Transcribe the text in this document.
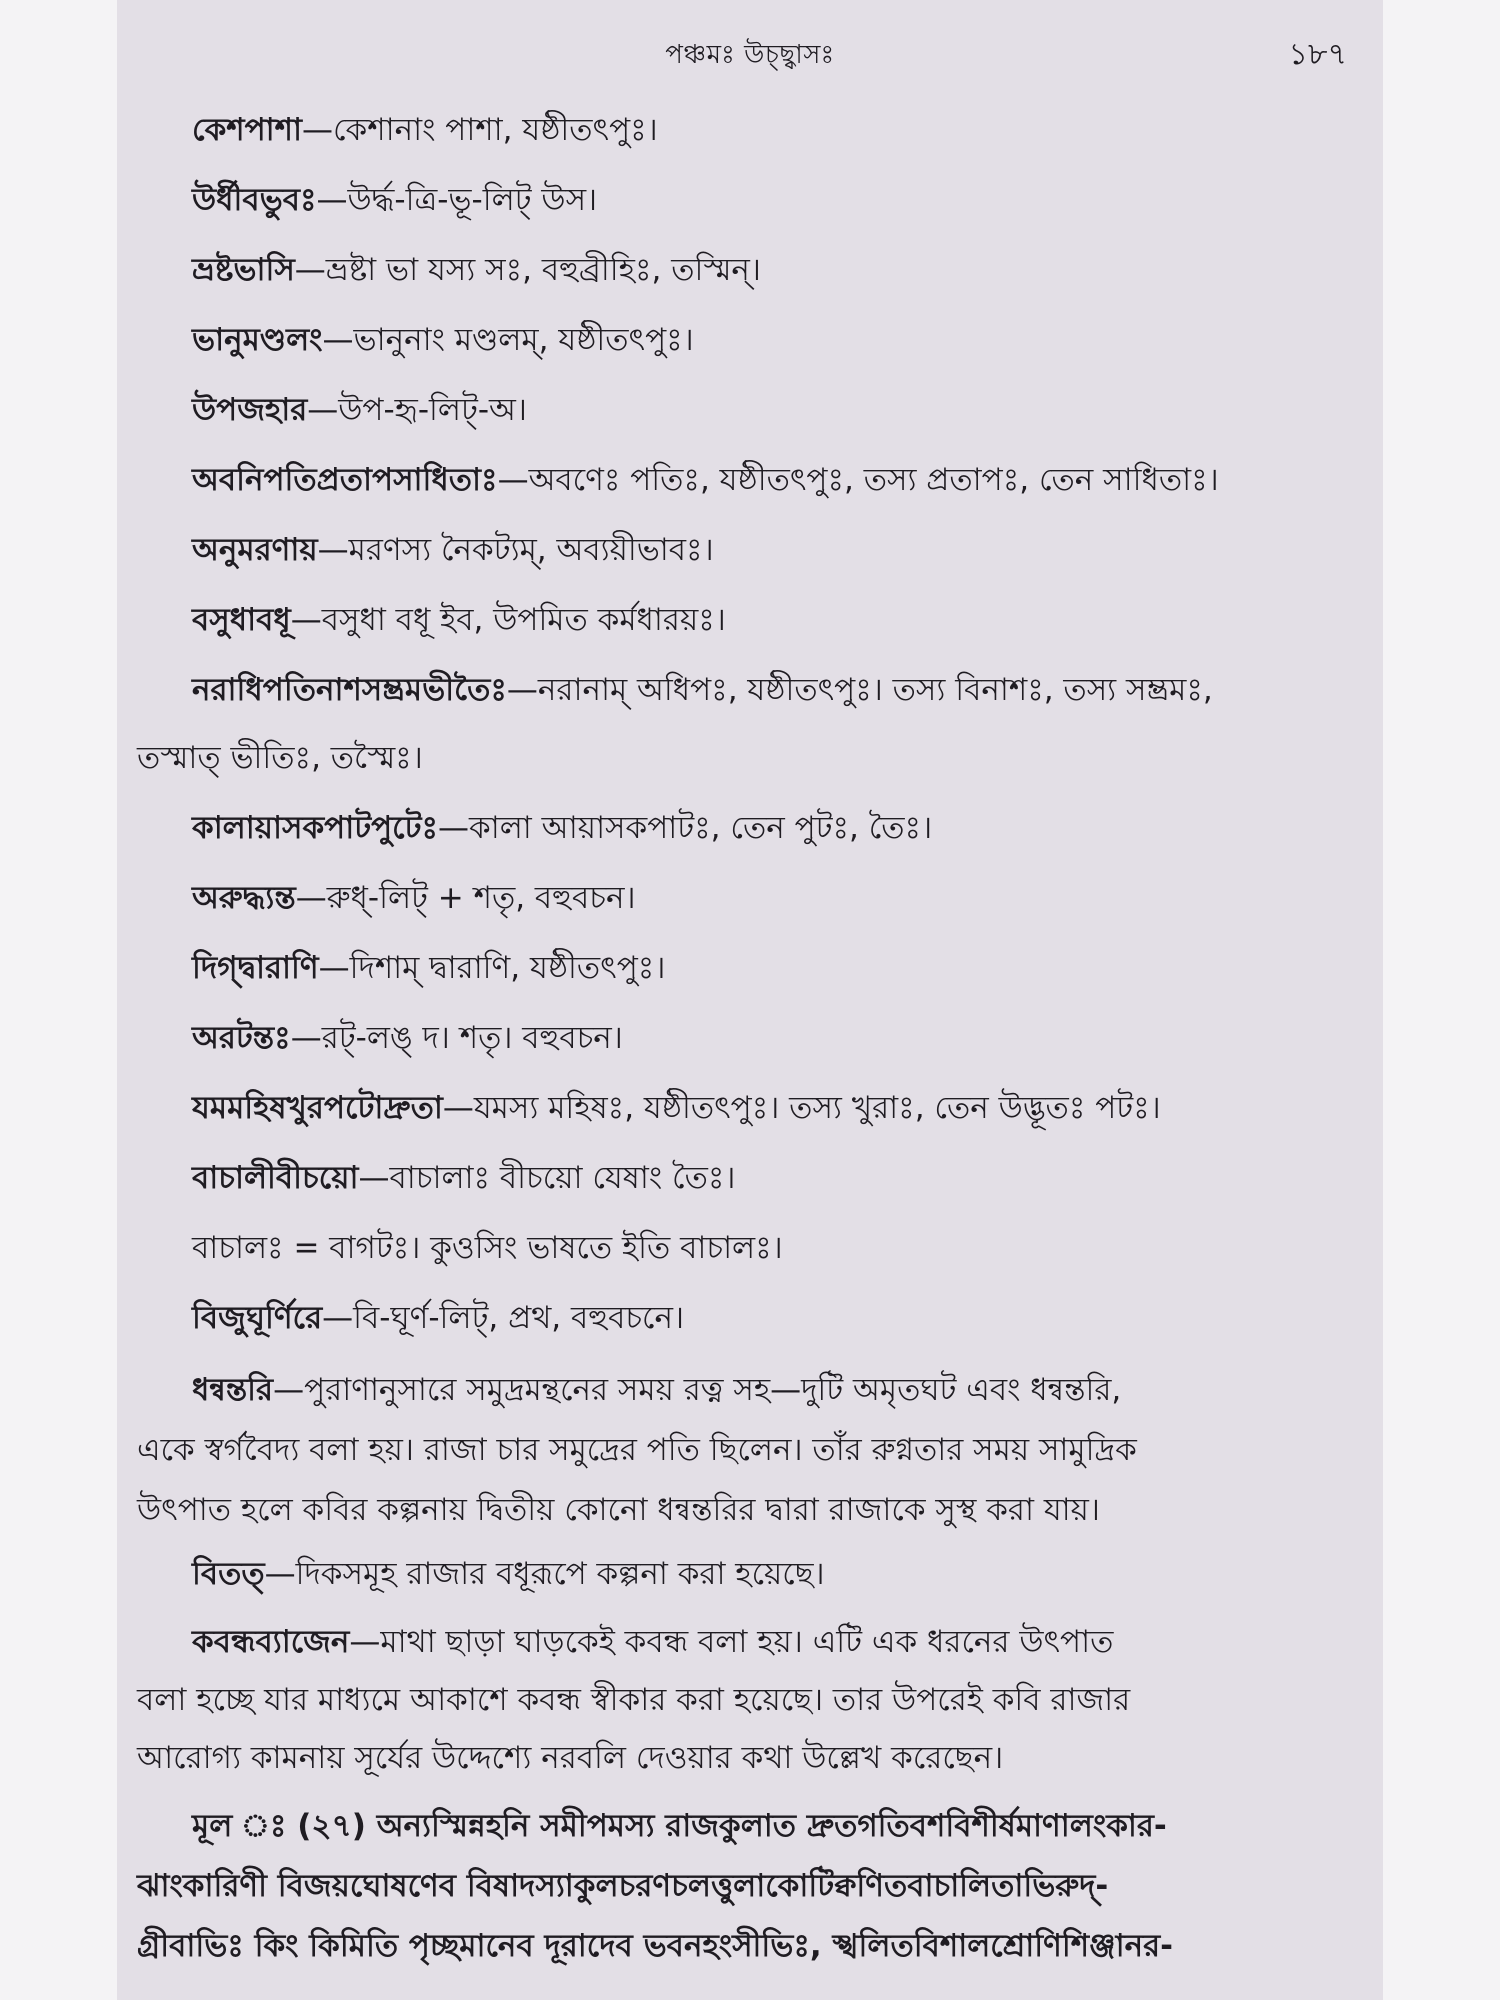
পঞ্চমঃ উচ্ছ্বাসঃ	১৮৭
কেশপাশা—কেশানাং পাশা, যষ্ঠীতৎপুঃ।
উর্ধীবভুবঃ—উৰ্দ্ধ-ত্রি-ভূ-লিট্ উস।
ভ্রষ্টভাসি—ভ্রষ্টা ভা যস্য সঃ, বহুব্রীহিঃ, তস্মিন্।
ভানুমণ্ডলং—ভানুনাং মণ্ডলম্, যষ্ঠীতৎপুঃ।
উপজহার—উপ-হৃ-লিট্-অ।
অবনিপতিপ্রতাপসাধিতাঃ—অবণেঃ পতিঃ, যষ্ঠীতৎপুঃ, তস্য প্রতাপঃ, তেন সাধিতাঃ।
অনুমরণায়—মরণস্য নৈকট্যম্, অব্যয়ীভাবঃ।
বসুধাবধূ—বসুধা বধূ ইব, উপমিত কর্মধারয়ঃ।
নরাধিপতিনাশসম্ভ্রমভীতৈঃ—নরানাম্ অধিপঃ, যষ্ঠীতৎপুঃ। তস্য বিনাশঃ, তস্য সম্ভ্রমঃ,
তস্মাত্ ভীতিঃ, তস্মৈঃ।
কালায়াসকপাটপুটেঃ—কালা আয়াসকপাটঃ, তেন পুটঃ, তৈঃ।
অরুদ্ধ্যন্ত—রুধ্-লিট্ + শতৃ, বহুবচন।
দিগ্দ্বারাণি—দিশাম্ দ্বারাণি, যষ্ঠীতৎপুঃ।
অরটন্তঃ—রট্-লঙ্ দ। শতৃ। বহুবচন।
যমমহিষখুরপটোদ্রুতা—যমস্য মহিষঃ, যষ্ঠীতৎপুঃ। তস্য খুরাঃ, তেন উদ্ভূতঃ পটঃ।
বাচালীবীচয়ো—বাচালাঃ বীচয়ো যেষাং তৈঃ।
বাচালঃ = বাগটঃ। কুওসিং ভাষতে ইতি বাচালঃ।
বিজুঘূর্ণিরে—বি-ঘূর্ণ-লিট্, প্রথ, বহুবচনে।
ধন্বন্তরি—পুরাণানুসারে সমুদ্রমন্থনের সময় রত্ন সহ—দুটি অমৃতঘট এবং ধন্বন্তরি,
একে স্বর্গবৈদ্য বলা হয়। রাজা চার সমুদ্রের পতি ছিলেন। তাঁর রুগ্নতার সময় সামুদ্রিক
উৎপাত হলে কবির কল্পনায় দ্বিতীয় কোনো ধন্বন্তরির দ্বারা রাজাকে সুস্থ করা যায়।
বিতত্—দিকসমূহ রাজার বধূরূপে কল্পনা করা হয়েছে।
কবন্ধব্যাজেন—মাথা ছাড়া ঘাড়কেই কবন্ধ বলা হয়। এটি এক ধরনের উৎপাত
বলা হচ্ছে যার মাধ্যমে আকাশে কবন্ধ স্বীকার করা হয়েছে। তার উপরেই কবি রাজার
আরোগ্য কামনায় সূর্যের উদ্দেশ্যে নরবলি দেওয়ার কথা উল্লেখ করেছেন।
মূল ঃ (২৭) অন্যস্মিন্নহনি সমীপমস্য রাজকুলাত দ্রুতগতিবশবিশীর্ষমাণালংকার-
ঝাংকারিণী বিজয়ঘোষণেব বিষাদস্যাকুলচরণচলত্তুলাকোটিক্বণিতবাচালিতাভিরুদ্-
গ্রীবাভিঃ কিং কিমিতি পৃচ্ছমানেব দূরাদেব ভবনহংসীভিঃ, স্খলিতবিশালশ্রোণিশিঞ্জানর-
